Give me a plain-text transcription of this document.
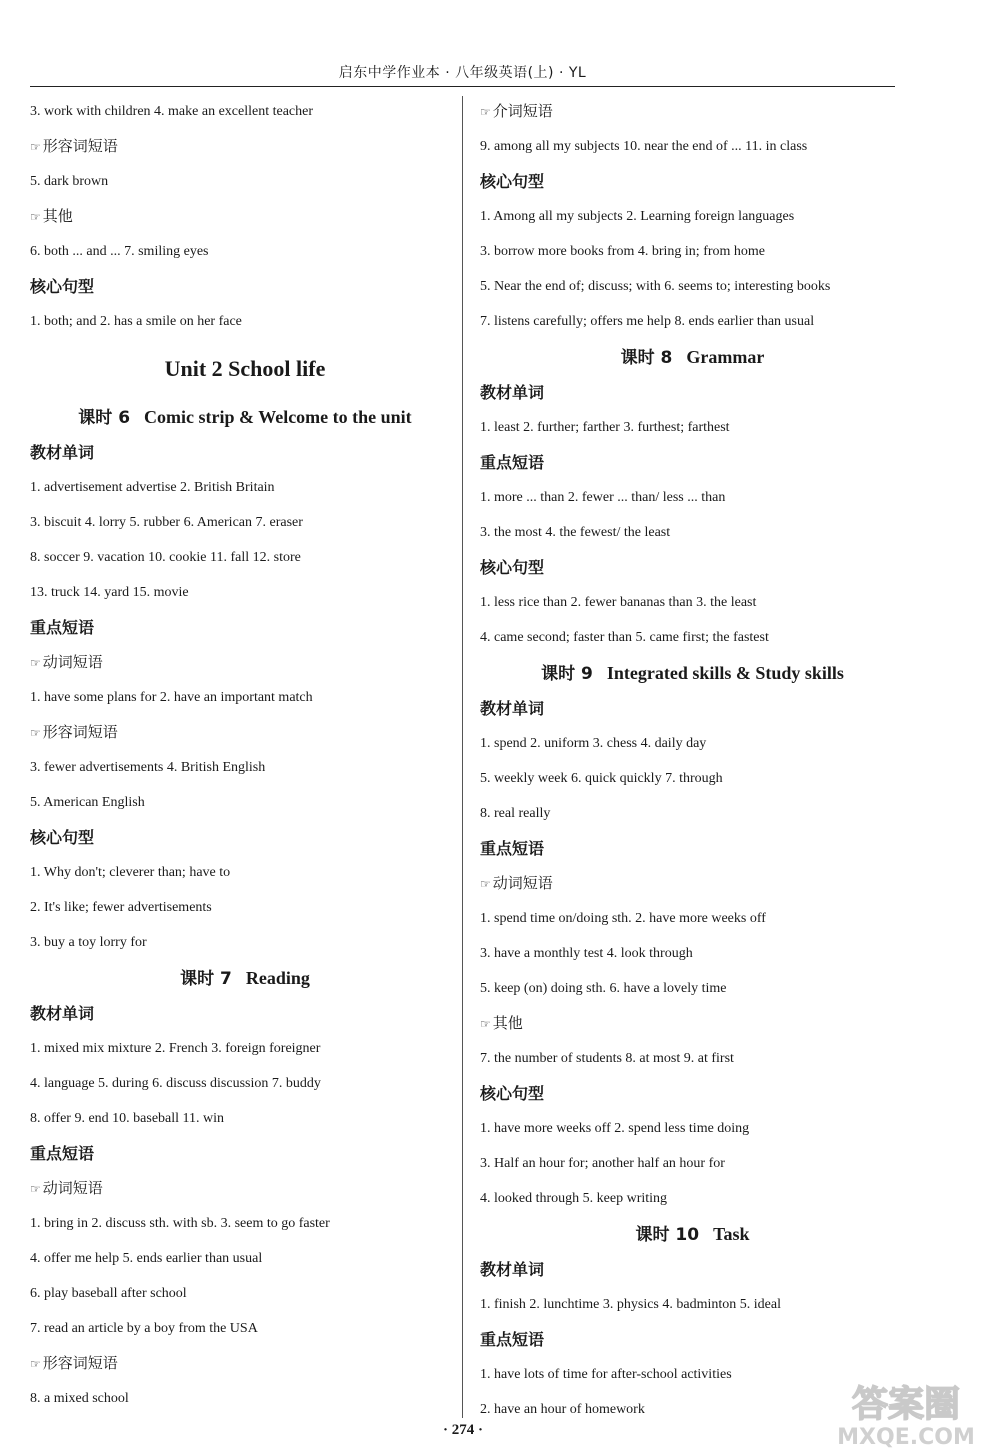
启东中学作业本 · 八年级英语(上) · YL
3. work with children 4. make an excellent teacher
☞ 形容词短语
5. dark brown
☞ 其他
6. both ... and ... 7. smiling eyes
核心句型
1. both; and 2. has a smile on her face
Unit 2 School life
课时 6 Comic strip & Welcome to the unit
教材单词
1. advertisement advertise 2. British Britain
3. biscuit 4. lorry 5. rubber 6. American 7. eraser
8. soccer 9. vacation 10. cookie 11. fall 12. store
13. truck 14. yard 15. movie
重点短语
☞ 动词短语
1. have some plans for 2. have an important match
☞ 形容词短语
3. fewer advertisements 4. British English
5. American English
核心句型
1. Why don't; cleverer than; have to
2. It's like; fewer advertisements
3. buy a toy lorry for
课时 7 Reading
教材单词
1. mixed mix mixture 2. French 3. foreign foreigner
4. language 5. during 6. discuss discussion 7. buddy
8. offer 9. end 10. baseball 11. win
重点短语
☞ 动词短语
1. bring in 2. discuss sth. with sb. 3. seem to go faster
4. offer me help 5. ends earlier than usual
6. play baseball after school
7. read an article by a boy from the USA
☞ 形容词短语
8. a mixed school
☞ 介词短语
9. among all my subjects 10. near the end of ... 11. in class
核心句型
1. Among all my subjects 2. Learning foreign languages
3. borrow more books from 4. bring in; from home
5. Near the end of; discuss; with 6. seems to; interesting books
7. listens carefully; offers me help 8. ends earlier than usual
课时 8 Grammar
教材单词
1. least 2. further; farther 3. furthest; farthest
重点短语
1. more ... than 2. fewer ... than/ less ... than
3. the most 4. the fewest/ the least
核心句型
1. less rice than 2. fewer bananas than 3. the least
4. came second; faster than 5. came first; the fastest
课时 9 Integrated skills & Study skills
教材单词
1. spend 2. uniform 3. chess 4. daily day
5. weekly week 6. quick quickly 7. through
8. real really
重点短语
☞ 动词短语
1. spend time on/doing sth. 2. have more weeks off
3. have a monthly test 4. look through
5. keep (on) doing sth. 6. have a lovely time
☞ 其他
7. the number of students 8. at most 9. at first
核心句型
1. have more weeks off 2. spend less time doing
3. Half an hour for; another half an hour for
4. looked through 5. keep writing
课时 10 Task
教材单词
1. finish 2. lunchtime 3. physics 4. badminton 5. ideal
重点短语
1. have lots of time for after-school activities
2. have an hour of homework
· 274 ·
答案圈
MXQE.COM
